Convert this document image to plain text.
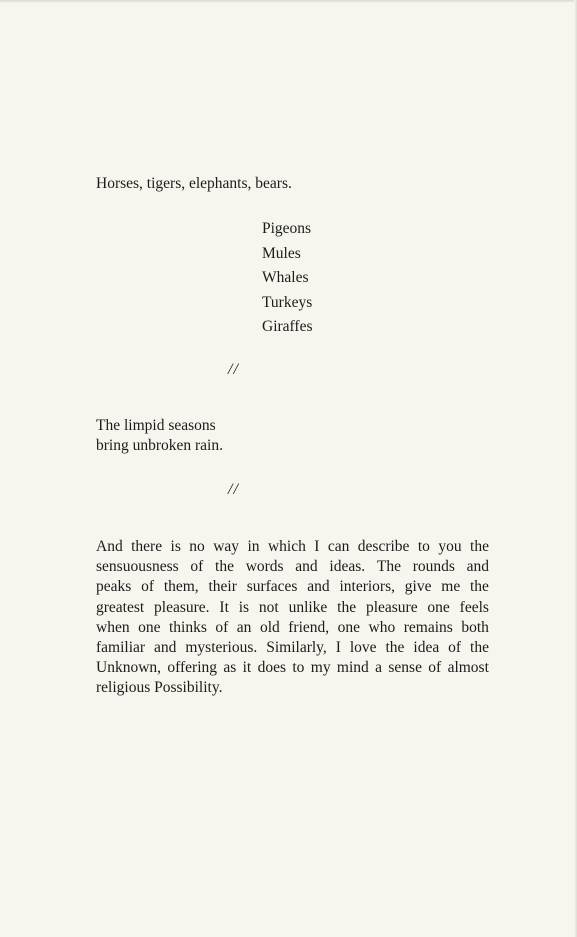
Horses, tigers, elephants, bears.

Pigeons
Mules
Whales
Turkeys
Giraffes
//
The limpid seasons
bring unbroken rain.
//
And there is no way in which I can describe to you the
sensuousness of the words and ideas. The rounds and
peaks of them, their surfaces and interiors, give me the
greatest pleasure. It is not unlike the pleasure one feels
when one thinks of an old friend, one who remains both
familiar and mysterious. Similarly, I love the idea of the
Unknown, offering as it does to my mind a sense of almost
religious Possibility.
